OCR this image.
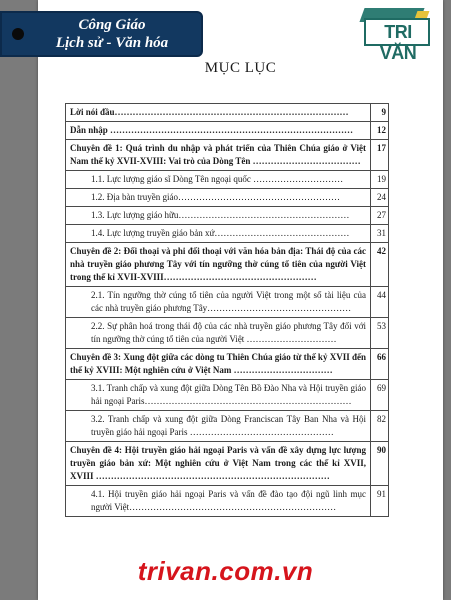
Công Giáo
Lịch sử - Văn hóa
TRI VĂN
MỤC LỤC
Lời nói đầu……………………………………………………………………	9
Dẫn nhập ………………………………………………………………………	12
Chuyên đề 1: Quá trình du nhập và phát triển của Thiên Chúa giáo ở Việt Nam thế kỷ XVII-XVIII: Vai trò của Dòng Tên ………………………………	17
1.1. Lực lượng giáo sĩ Dòng Tên ngoại quốc …………………………	19
1.2. Địa bàn truyền giáo………………………………………………	24
1.3. Lực lượng giáo hữu…………………………………………………	27
1.4. Lực lượng truyền giáo bản xứ………………………………………	31
Chuyên đề 2: Đối thoại và phi đối thoại với văn hóa bản địa: Thái độ của các nhà truyền giáo phương Tây với tín ngưỡng thờ cúng tổ tiên của người Việt trong thế kỉ XVII-XVIII……………………………………………	42
2.1. Tín ngưỡng thờ cúng tổ tiên của người Việt trong một số tài liệu của các nhà truyền giáo phương Tây…………………………………………	44
2.2. Sự phân hoá trong thái độ của các nhà truyền giáo phương Tây đối với tín ngưỡng thờ cúng tổ tiên của người Việt …………………………	53
Chuyên đề 3: Xung đột giữa các dòng tu Thiên Chúa giáo từ thế kỷ XVII đến thế kỷ XVIII: Một nghiên cứu ở Việt Nam ……………………………	66
3.1. Tranh chấp và xung đột giữa Dòng Tên Bồ Đào Nha và Hội truyền giáo hải ngoại Paris……………………………………………………………	69
3.2. Tranh chấp và xung đột giữa Dòng Franciscan Tây Ban Nha và Hội truyền giáo hải ngoại Paris …………………………………………	82
Chuyên đề 4: Hội truyền giáo hải ngoại Paris và vấn đề xây dựng lực lượng truyền giáo bản xứ: Một nghiên cứu ở Việt Nam trong các thế kỉ XVII, XVIII ……………………………………………………………………	90
4.1. Hội truyền giáo hải ngoại Paris và vấn đề đào tạo đội ngũ linh mục người Việt……………………………………………………………	91
trivan.com.vn
